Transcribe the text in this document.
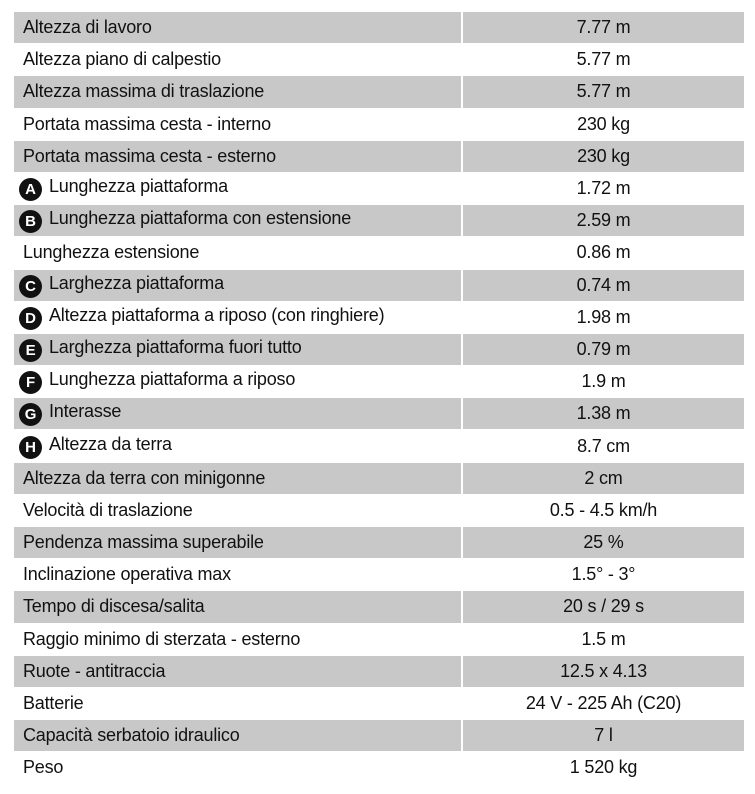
Altezza di lavoro	7.77 m
Altezza piano di calpestio	5.77 m
Altezza massima di traslazione	5.77 m
Portata massima cesta - interno	230 kg
Portata massima cesta - esterno	230 kg
A Lunghezza piattaforma	1.72 m
B Lunghezza piattaforma con estensione	2.59 m
Lunghezza estensione	0.86 m
C Larghezza piattaforma	0.74 m
D Altezza piattaforma a riposo (con ringhiere)	1.98 m
E Larghezza piattaforma fuori tutto	0.79 m
F Lunghezza piattaforma a riposo	1.9 m
G Interasse	1.38 m
H Altezza da terra	8.7 cm
Altezza da terra con minigonne	2 cm
Velocità di traslazione	0.5 - 4.5 km/h
Pendenza massima superabile	25 %
Inclinazione operativa max	1.5° - 3°
Tempo di discesa/salita	20 s / 29 s
Raggio minimo di sterzata - esterno	1.5 m
Ruote - antitraccia	12.5 x 4.13
Batterie	24 V - 225 Ah (C20)
Capacità serbatoio idraulico	7 l
Peso	1 520 kg
